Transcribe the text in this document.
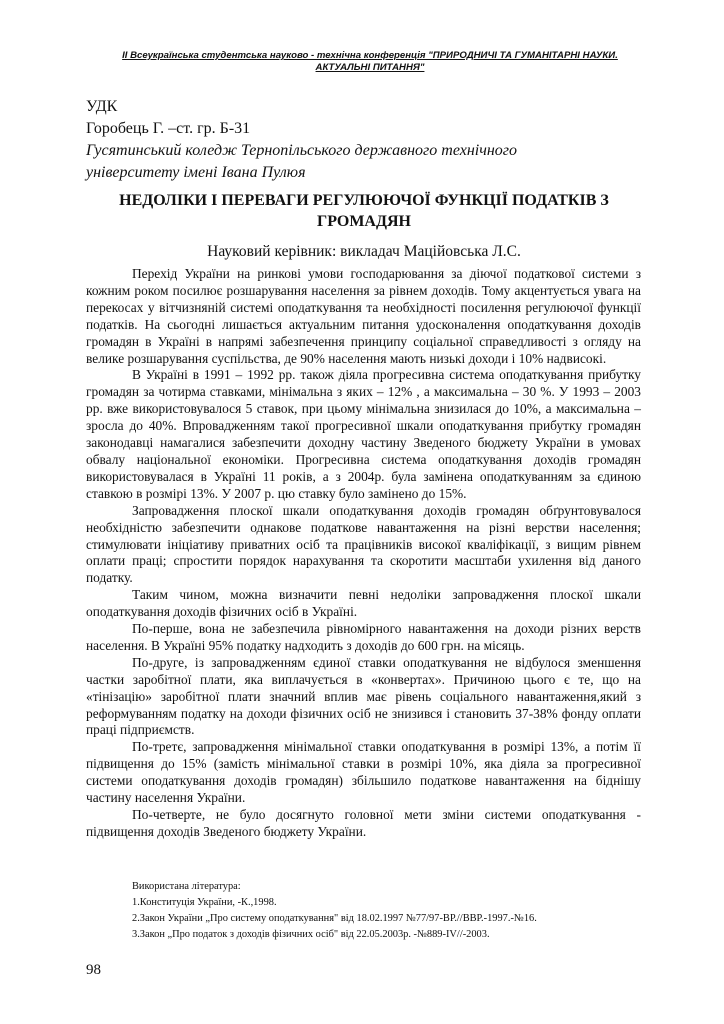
ІІ Всеукраїнська студентська науково - технічна конференція "ПРИРОДНИЧІ ТА ГУМАНІТАРНІ НАУКИ.
АКТУАЛЬНІ ПИТАННЯ"
УДК
Горобець Г. –ст. гр. Б-31
Гусятинський коледж Тернопільського державного технічного
університету імені Івана Пулюя
НЕДОЛІКИ І ПЕРЕВАГИ РЕГУЛЮЮЧОЇ ФУНКЦІЇ ПОДАТКІВ З
ГРОМАДЯН
Науковий керівник: викладач Маційовська Л.С.

Перехід України на ринкові умови господарювання за діючої податкової системи з кожним роком посилює розшарування населення за рівнем доходів. Тому акцентується увага на перекосах у вітчизняній системі оподаткування та необхідності посилення регулюючої функції податків. На сьогодні лишається актуальним питання удосконалення оподаткування доходів громадян в Україні в напрямі забезпечення принципу соціальної справедливості з огляду на велике розшарування суспільства, де 90% населення мають низькі доходи і 10% надвисокі.

В Україні в 1991 – 1992 рр. також діяла прогресивна система оподаткування прибутку громадян за чотирма ставками, мінімальна з яких – 12% , а максимальна – 30 %. У 1993 – 2003 рр. вже використовувалося 5 ставок, при цьому мінімальна знизилася до 10%, а максимальна – зросла до 40%. Впровадженням такої прогресивної шкали оподаткування прибутку громадян законодавці намагалися забезпечити доходну частину Зведеного бюджету України в умовах обвалу національної економіки. Прогресивна система оподаткування доходів громадян використовувалася в Україні 11 років, а з 2004р. була замінена оподаткуванням за єдиною ставкою в розмірі 13%. У 2007 р. цю ставку було замінено до 15%.

Запровадження плоскої шкали оподаткування доходів громадян обґрунтовувалося необхідністю забезпечити однакове податкове навантаження на різні верстви населення; стимулювати ініціативу приватних осіб та працівників високої кваліфікації, з вищим рівнем оплати праці; спростити порядок нарахування та скоротити масштаби ухилення від даного податку.

Таким чином, можна визначити певні недоліки запровадження плоскої шкали оподаткування доходів фізичних осіб в Україні.

По-перше, вона не забезпечила рівномірного навантаження на доходи різних верств населення. В Україні 95% податку надходить з доходів до 600 грн. на місяць.

По-друге, із запровадженням єдиної ставки оподаткування не відбулося зменшення частки заробітної плати, яка виплачується в «конвертах». Причиною цього є те, що на «тінізацію» заробітної плати значний вплив має рівень соціального навантаження,який з реформуванням податку на доходи фізичних осіб не знизився і становить 37-38% фонду оплати праці підприємств.

По-третє, запровадження мінімальної ставки оподаткування в розмірі 13%, а потім її підвищення до 15% (замість мінімальної ставки в розмірі 10%, яка діяла за прогресивної системи оподаткування доходів громадян) збільшило податкове навантаження на біднішу частину населення України.

По-четверте, не було досягнуто головної мети зміни системи оподаткування - підвищення доходів Зведеного бюджету України.

Використана література:
1.Конституція України, -К.,1998.
2.Закон України „Про систему оподаткування" від 18.02.1997 №77/97-ВР.//ВВР.-1997.-№16.
3.Закон „Про податок з доходів фізичних осіб" від 22.05.2003р. -№889-IV//-2003.
98
